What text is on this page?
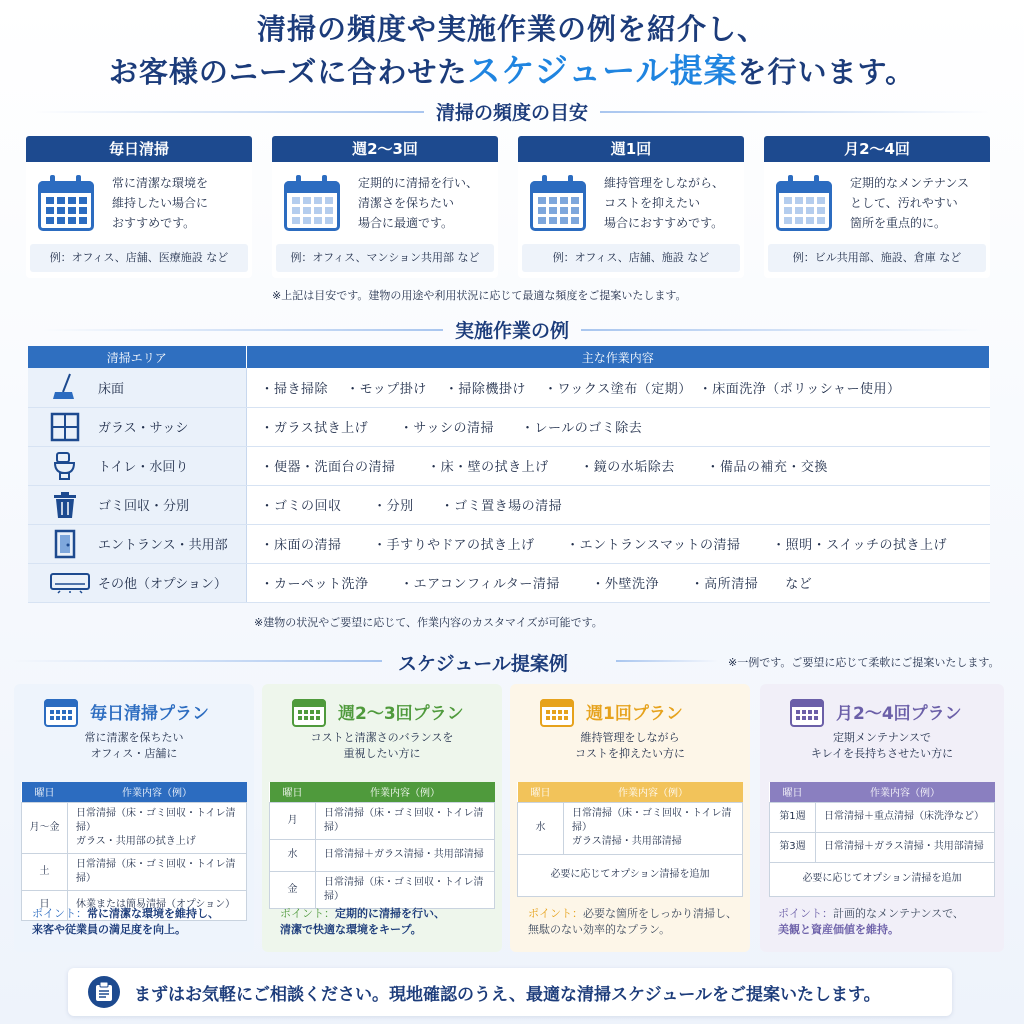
清掃の頻度や実施作業の例を紹介し、
お客様のニーズに合わせたスケジュール提案を行います。
清掃の頻度の目安
毎日清掃
常に清潔な環境を
維持したい場合に
おすすめです。
例：オフィス、店舗、医療施設 など
週2〜3回
定期的に清掃を行い、
清潔さを保ちたい
場合に最適です。
例：オフィス、マンション共用部 など
週1回
維持管理をしながら、
コストを抑えたい
場合におすすめです。
例：オフィス、店舗、施設 など
月2〜4回
定期的なメンテナンス
として、汚れやすい
箇所を重点的に。
例：ビル共用部、施設、倉庫 など
※上記は目安です。建物の用途や利用状況に応じて最適な頻度をご提案いたします。
実施作業の例
清掃エリア	主な作業内容

床面	・掃き掃除　 ・モップ掛け　 ・掃除機掛け　 ・ワックス塗布（定期）　・床面洗浄（ポリッシャー使用）

ガラス・サッシ	・ガラス拭き上げ　　 ・サッシの清掃　　・レールのゴミ除去

トイレ・水回り	・便器・洗面台の清掃　　 ・床・壁の拭き上げ　　 ・鏡の水垢除去　　 ・備品の補充・交換

ゴミ回収・分別	・ゴミの回収　　 ・分別　　・ゴミ置き場の清掃

エントランス・共用部	・床面の清掃　　 ・手すりやドアの拭き上げ　　 ・エントランスマットの清掃　　 ・照明・スイッチの拭き上げ

その他（オプション）	・カーペット洗浄　　 ・エアコンフィルター清掃　　 ・外壁洗浄　　 ・高所清掃　　など
※建物の状況やご要望に応じて、作業内容のカスタマイズが可能です。
スケジュール提案例	※一例です。ご要望に応じて柔軟にご提案いたします。
毎日清掃プラン
常に清潔を保ちたい
オフィス・店舗に
曜日	作業内容（例）
月〜金	日常清掃（床・ゴミ回収・トイレ清掃）
ガラス・共用部の拭き上げ
土	日常清掃（床・ゴミ回収・トイレ清掃）
日	休業または簡易清掃（オプション）
ポイント：常に清潔な環境を維持し、
来客や従業員の満足度を向上。
週2〜3回プラン
コストと清潔さのバランスを
重視したい方に
曜日	作業内容（例）
月	日常清掃（床・ゴミ回収・トイレ清掃）
水	日常清掃＋ガラス清掃・共用部清掃
金	日常清掃（床・ゴミ回収・トイレ清掃）
ポイント：定期的に清掃を行い、
清潔で快適な環境をキープ。
週1回プラン
維持管理をしながら
コストを抑えたい方に
曜日	作業内容（例）
水	日常清掃（床・ゴミ回収・トイレ清掃）
ガラス清掃・共用部清掃
必要に応じてオプション清掃を追加	
ポイント：必要な箇所をしっかり清掃し、
無駄のない効率的なプラン。
月2〜4回プラン
定期メンテナンスで
キレイを長持ちさせたい方に
曜日	作業内容（例）
第1週	日常清掃＋重点清掃（床洗浄など）
第3週	日常清掃＋ガラス清掃・共用部清掃
必要に応じてオプション清掃を追加	
ポイント：計画的なメンテナンスで、
美観と資産価値を維持。
まずはお気軽にご相談ください。現地確認のうえ、最適な清掃スケジュールをご提案いたします。
